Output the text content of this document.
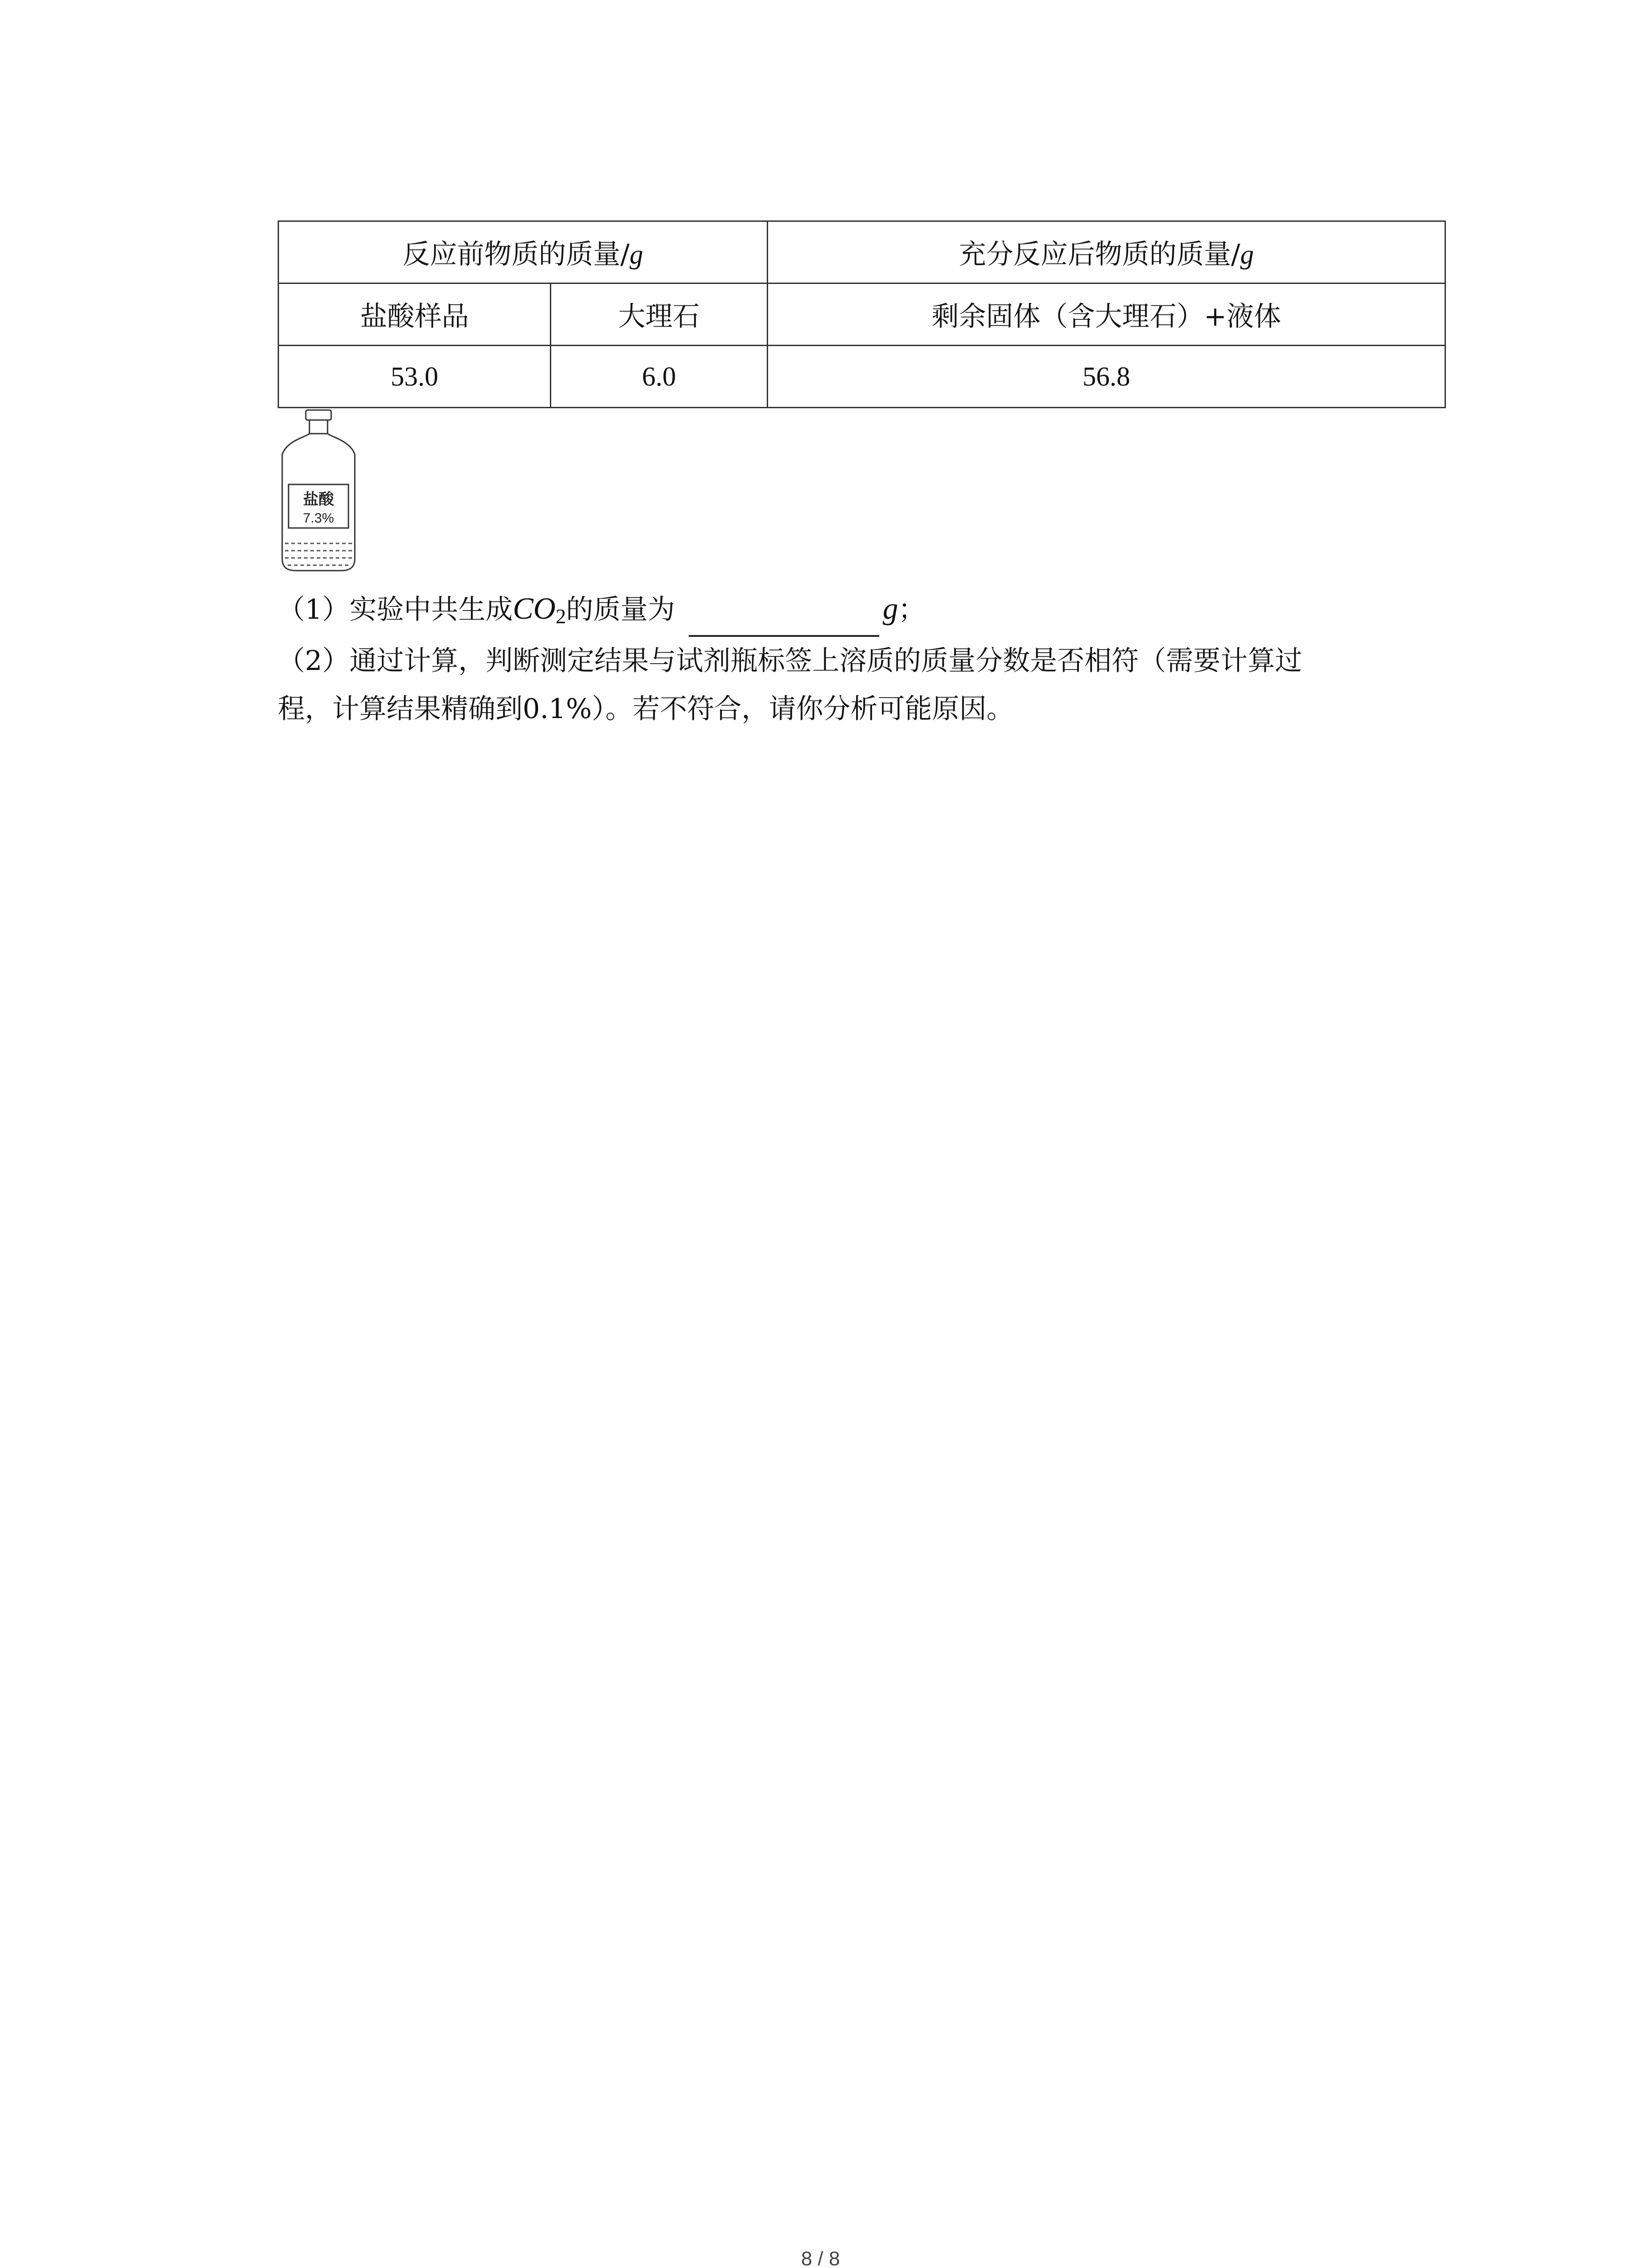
反应前物质的质量/g		充分反应后物质的质量/g
盐酸样品	大理石	剩余固体（含大理石）+液体
53.0	6.0	56.8
盐酸
7.3%
（1）实验中共生成$CO_2$的质量为	g；
（2）通过计算，判断测定结果与试剂瓶标签上溶质的质量分数是否相符（需要计算过
程，计算结果精确到0.1%）。若不符合，请你分析可能原因。
8 / 8
